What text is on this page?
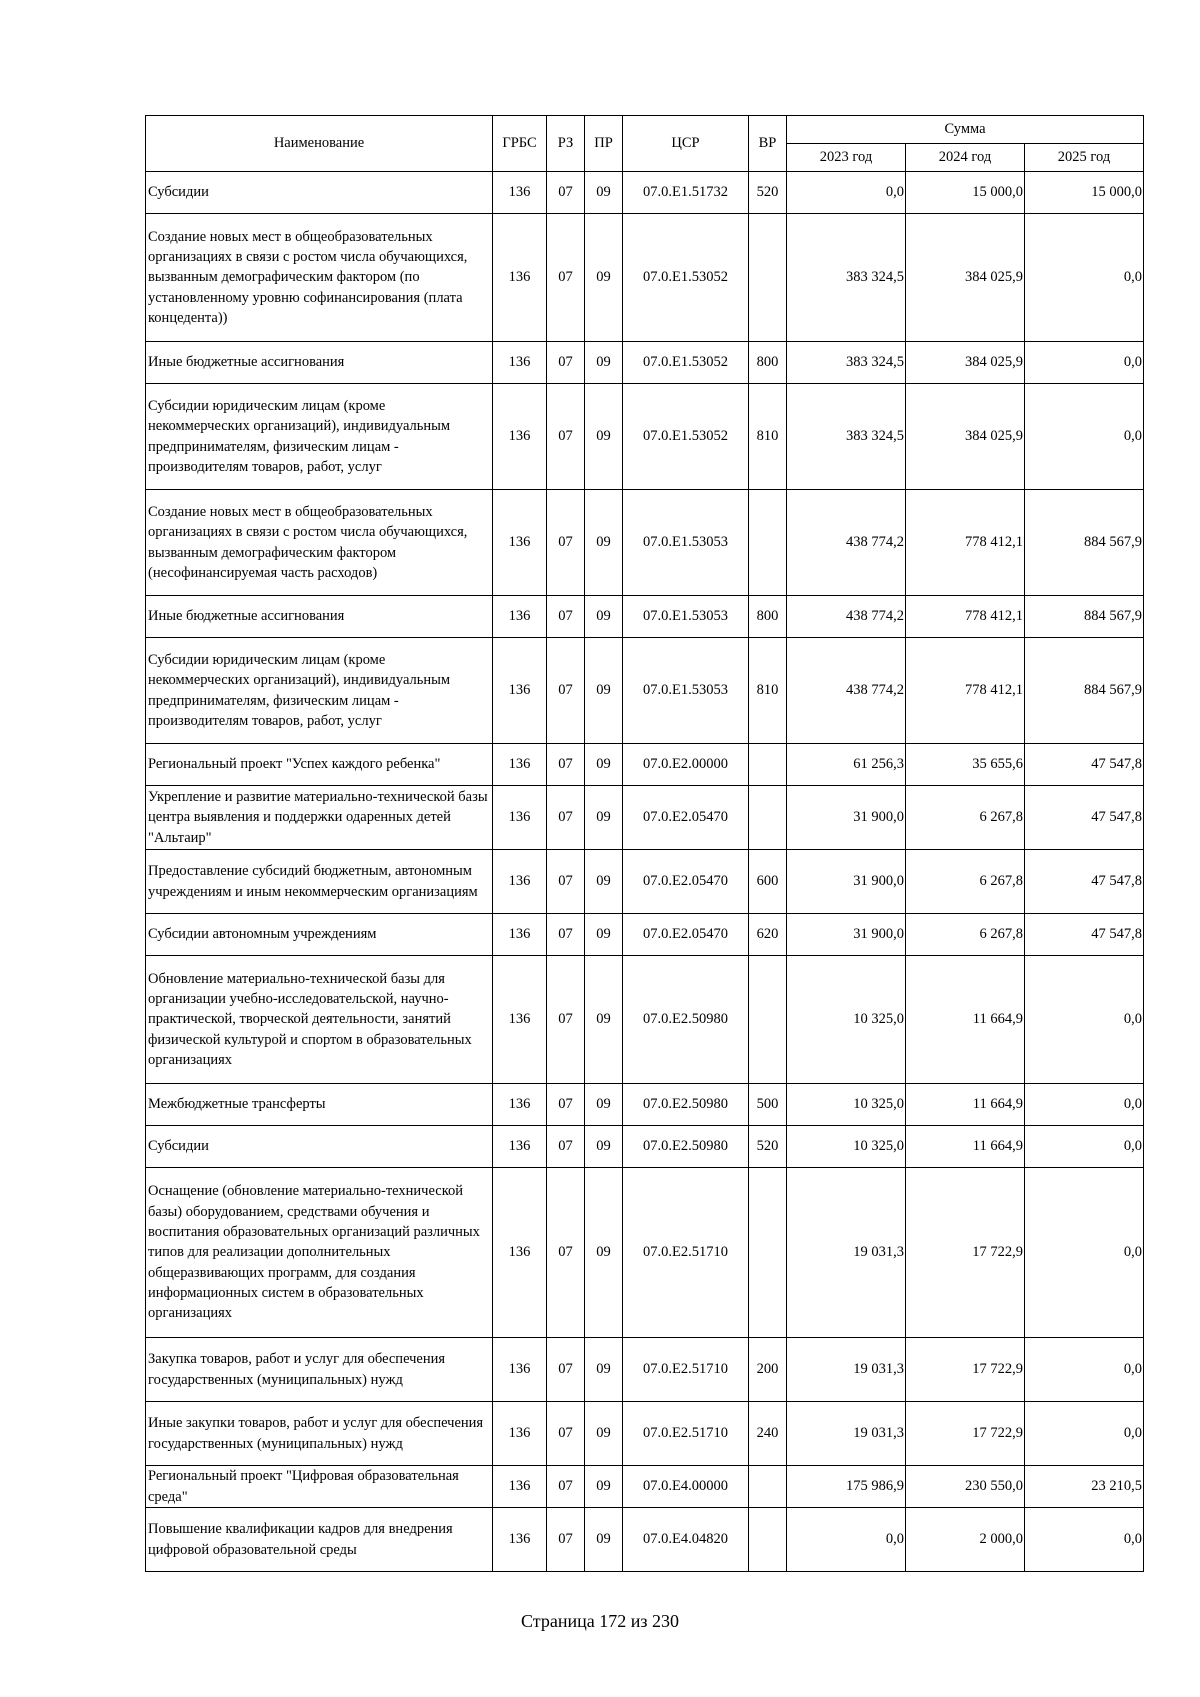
Наименование	ГРБС	РЗ	ПР	ЦСР	ВР	Сумма		
						2023 год	2024 год	2025 год
Субсидии	136	07	09	07.0.E1.51732	520	0,0	15 000,0	15 000,0
Создание новых мест в общеобразовательных организациях в связи с ростом числа обучающихся, вызванным демографическим фактором (по установленному уровню софинансирования (плата концедента))	136	07	09	07.0.E1.53052		383 324,5	384 025,9	0,0
Иные бюджетные ассигнования	136	07	09	07.0.E1.53052	800	383 324,5	384 025,9	0,0
Субсидии юридическим лицам (кроме некоммерческих организаций), индивидуальным предпринимателям, физическим лицам - производителям товаров, работ, услуг	136	07	09	07.0.E1.53052	810	383 324,5	384 025,9	0,0
Создание новых мест в общеобразовательных организациях в связи с ростом числа обучающихся, вызванным демографическим фактором (несофинансируемая часть расходов)	136	07	09	07.0.E1.53053		438 774,2	778 412,1	884 567,9
Иные бюджетные ассигнования	136	07	09	07.0.E1.53053	800	438 774,2	778 412,1	884 567,9
Субсидии юридическим лицам (кроме некоммерческих организаций), индивидуальным предпринимателям, физическим лицам - производителям товаров, работ, услуг	136	07	09	07.0.E1.53053	810	438 774,2	778 412,1	884 567,9
Региональный проект "Успех каждого ребенка"	136	07	09	07.0.E2.00000		61 256,3	35 655,6	47 547,8
Укрепление и развитие материально-технической базы центра выявления и поддержки одаренных детей "Альтаир"	136	07	09	07.0.E2.05470		31 900,0	6 267,8	47 547,8
Предоставление субсидий бюджетным, автономным учреждениям и иным некоммерческим организациям	136	07	09	07.0.E2.05470	600	31 900,0	6 267,8	47 547,8
Субсидии автономным учреждениям	136	07	09	07.0.E2.05470	620	31 900,0	6 267,8	47 547,8
Обновление материально-технической базы для организации учебно-исследовательской, научно-практической, творческой деятельности, занятий физической культурой и спортом в образовательных организациях	136	07	09	07.0.E2.50980		10 325,0	11 664,9	0,0
Межбюджетные трансферты	136	07	09	07.0.E2.50980	500	10 325,0	11 664,9	0,0
Субсидии	136	07	09	07.0.E2.50980	520	10 325,0	11 664,9	0,0
Оснащение (обновление материально-технической базы) оборудованием, средствами обучения и воспитания образовательных организаций различных типов для реализации дополнительных общеразвивающих программ, для создания информационных систем в образовательных организациях	136	07	09	07.0.E2.51710		19 031,3	17 722,9	0,0
Закупка товаров, работ и услуг для обеспечения государственных (муниципальных) нужд	136	07	09	07.0.E2.51710	200	19 031,3	17 722,9	0,0
Иные закупки товаров, работ и услуг для обеспечения государственных (муниципальных) нужд	136	07	09	07.0.E2.51710	240	19 031,3	17 722,9	0,0
Региональный проект "Цифровая образовательная среда"	136	07	09	07.0.E4.00000		175 986,9	230 550,0	23 210,5
Повышение квалификации кадров для внедрения цифровой образовательной среды	136	07	09	07.0.E4.04820		0,0	2 000,0	0,0
Страница 172 из 230
